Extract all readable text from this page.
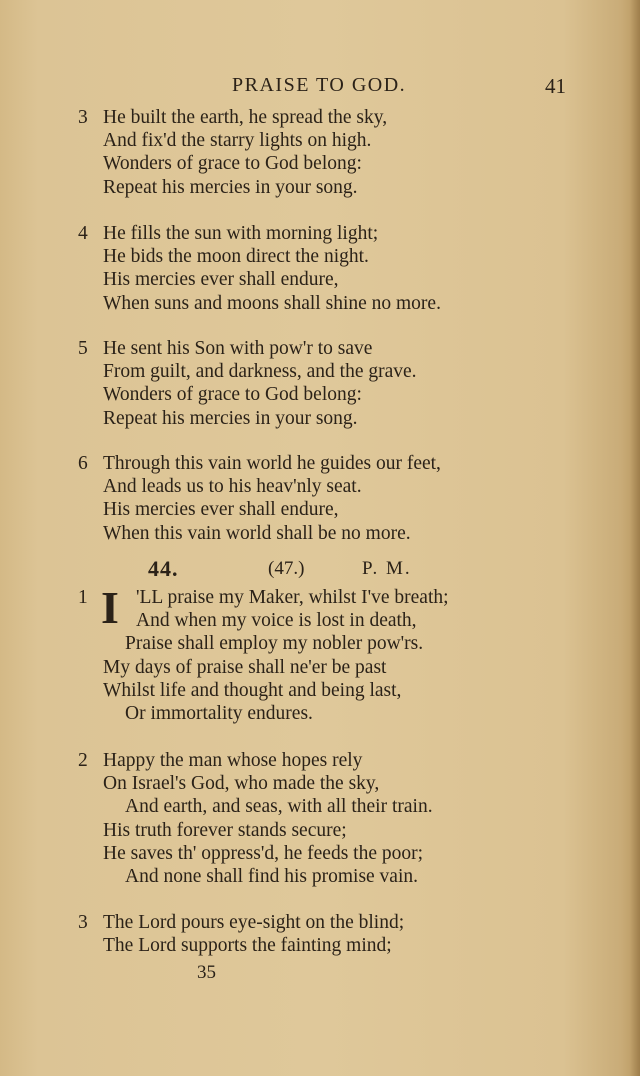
PRAISE TO GOD.	41
3 He built the earth, he spread the sky,
And fix'd the starry lights on high.
Wonders of grace to God belong:
Repeat his mercies in your song.
4 He fills the sun with morning light;
He bids the moon direct the night.
His mercies ever shall endure,
When suns and moons shall shine no more.
5 He sent his Son with pow'r to save
From guilt, and darkness, and the grave.
Wonders of grace to God belong:
Repeat his mercies in your song.
6 Through this vain world he guides our feet,
And leads us to his heav'nly seat.
His mercies ever shall endure,
When this vain world shall be no more.
44.	(47.)	P. M.
1 I 'LL praise my Maker, whilst I've breath;
And when my voice is lost in death,
Praise shall employ my nobler pow'rs.
My days of praise shall ne'er be past
Whilst life and thought and being last,
Or immortality endures.
2 Happy the man whose hopes rely
On Israel's God, who made the sky,
And earth, and seas, with all their train.
His truth forever stands secure;
He saves th' oppress'd, he feeds the poor;
And none shall find his promise vain.
3 The Lord pours eye-sight on the blind;
The Lord supports the fainting mind;
35
